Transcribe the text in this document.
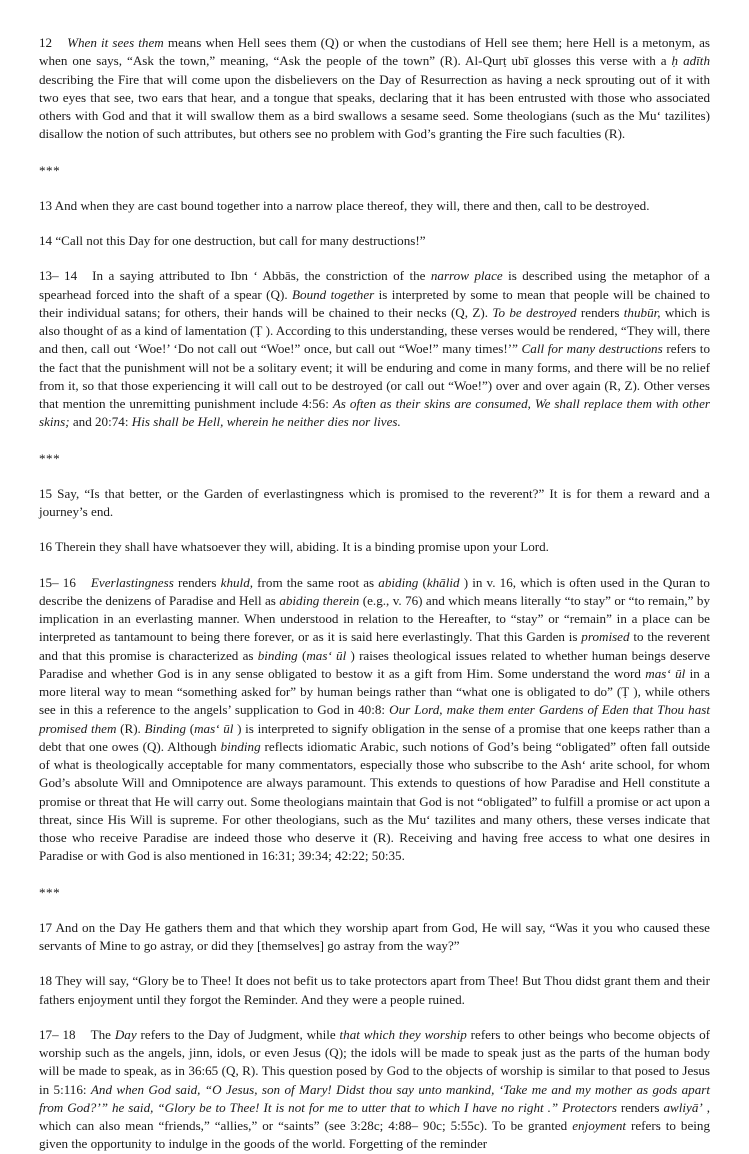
12 When it sees them means when Hell sees them (Q) or when the custodians of Hell see them; here Hell is a metonym, as when one says, “Ask the town,” meaning, “Ask the people of the town” (R). Al-Qurṭ ubī glosses this verse with a ḥ adīth describing the Fire that will come upon the disbelievers on the Day of Resurrection as having a neck sprouting out of it with two eyes that see, two ears that hear, and a tongue that speaks, declaring that it has been entrusted with those who associated others with God and that it will swallow them as a bird swallows a sesame seed. Some theologians (such as the Muʻ tazilites) disallow the notion of such attributes, but others see no problem with God’s granting the Fire such faculties (R).
***
13 And when they are cast bound together into a narrow place thereof, they will, there and then, call to be destroyed.
14 “Call not this Day for one destruction, but call for many destructions!”
13– 14 In a saying attributed to Ibn ʻ Abbās, the constriction of the narrow place is described using the metaphor of a spearhead forced into the shaft of a spear (Q). Bound together is interpreted by some to mean that people will be chained to their individual satans; for others, their hands will be chained to their necks (Q, Z). To be destroyed renders thubūr, which is also thought of as a kind of lamentation (Ṭ ). According to this understanding, these verses would be rendered, “They will, there and then, call out ‘Woe!’ ‘Do not call out “Woe!” once, but call out “Woe!” many times!’” Call for many destructions refers to the fact that the punishment will not be a solitary event; it will be enduring and come in many forms, and there will be no relief from it, so that those experiencing it will call out to be destroyed (or call out “Woe!”) over and over again (R, Z). Other verses that mention the unremitting punishment include 4:56: As often as their skins are consumed, We shall replace them with other skins; and 20:74: His shall be Hell, wherein he neither dies nor lives.
***
15 Say, “Is that better, or the Garden of everlastingness which is promised to the reverent?” It is for them a reward and a journey’s end.
16 Therein they shall have whatsoever they will, abiding. It is a binding promise upon your Lord.
15– 16 Everlastingness renders khuld, from the same root as abiding (khālid ) in v. 16, which is often used in the Quran to describe the denizens of Paradise and Hell as abiding therein (e.g., v. 76) and which means literally “to stay” or “to remain,” by implication in an everlasting manner. When understood in relation to the Hereafter, to “stay” or “remain” in a place can be interpreted as tantamount to being there forever, or as it is said here everlastingly. That this Garden is promised to the reverent and that this promise is characterized as binding (masʻ ūl ) raises theological issues related to whether human beings deserve Paradise and whether God is in any sense obligated to bestow it as a gift from Him. Some understand the word masʻ ūl in a more literal way to mean “something asked for” by human beings rather than “what one is obligated to do” (Ṭ ), while others see in this a reference to the angels’ supplication to God in 40:8: Our Lord, make them enter Gardens of Eden that Thou hast promised them (R). Binding (masʻ ūl ) is interpreted to signify obligation in the sense of a promise that one keeps rather than a debt that one owes (Q). Although binding reflects idiomatic Arabic, such notions of God’s being “obligated” often fall outside of what is theologically acceptable for many commentators, especially those who subscribe to the Ashʻ arite school, for whom God’s absolute Will and Omnipotence are always paramount. This extends to questions of how Paradise and Hell constitute a promise or threat that He will carry out. Some theologians maintain that God is not “obligated” to fulfill a promise or act upon a threat, since His Will is supreme. For other theologians, such as the Muʻ tazilites and many others, these verses indicate that those who receive Paradise are indeed those who deserve it (R). Receiving and having free access to what one desires in Paradise or with God is also mentioned in 16:31; 39:34; 42:22; 50:35.
***
17 And on the Day He gathers them and that which they worship apart from God, He will say, “Was it you who caused these servants of Mine to go astray, or did they [themselves] go astray from the way?”
18 They will say, “Glory be to Thee! It does not befit us to take protectors apart from Thee! But Thou didst grant them and their fathers enjoyment until they forgot the Reminder. And they were a people ruined.
17– 18 The Day refers to the Day of Judgment, while that which they worship refers to other beings who become objects of worship such as the angels, jinn, idols, or even Jesus (Q); the idols will be made to speak just as the parts of the human body will be made to speak, as in 36:65 (Q, R). This question posed by God to the objects of worship is similar to that posed to Jesus in 5:116: And when God said, “O Jesus, son of Mary! Didst thou say unto mankind, ‘Take me and my mother as gods apart from God?’” he said, “Glory be to Thee! It is not for me to utter that to which I have no right .” Protectors renders awliyāʼ , which can also mean “friends,” “allies,” or “saints” (see 3:28c; 4:88– 90c; 5:55c). To be granted enjoyment refers to being given the opportunity to indulge in the goods of the world. Forgetting of the reminder
